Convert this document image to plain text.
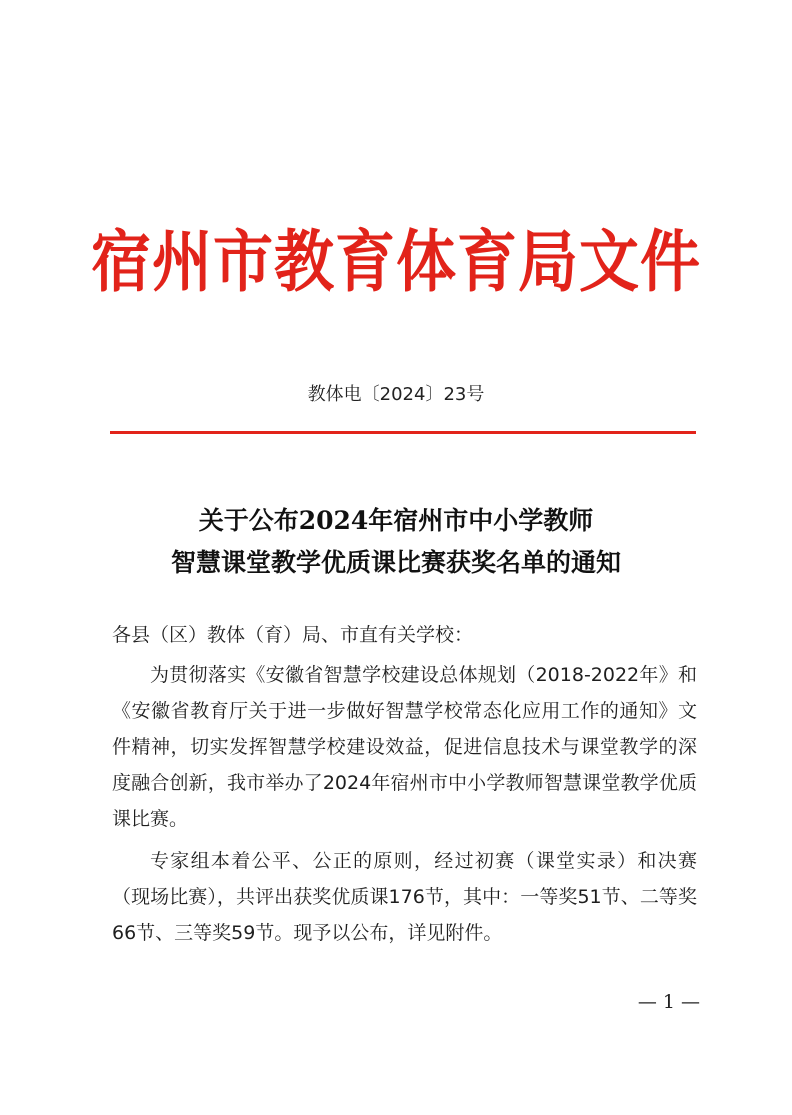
宿州市教育体育局文件
教体电〔2024〕23号
关于公布2024年宿州市中小学教师
智慧课堂教学优质课比赛获奖名单的通知

各县（区）教体（育）局、市直有关学校：

为贯彻落实《安徽省智慧学校建设总体规划（2018-2022年》和《安徽省教育厅关于进一步做好智慧学校常态化应用工作的通知》文件精神，切实发挥智慧学校建设效益，促进信息技术与课堂教学的深度融合创新，我市举办了2024年宿州市中小学教师智慧课堂教学优质课比赛。

专家组本着公平、公正的原则，经过初赛（课堂实录）和决赛（现场比赛），共评出获奖优质课176节，其中：一等奖51节、二等奖66节、三等奖59节。现予以公布，详见附件。

— 1 —
